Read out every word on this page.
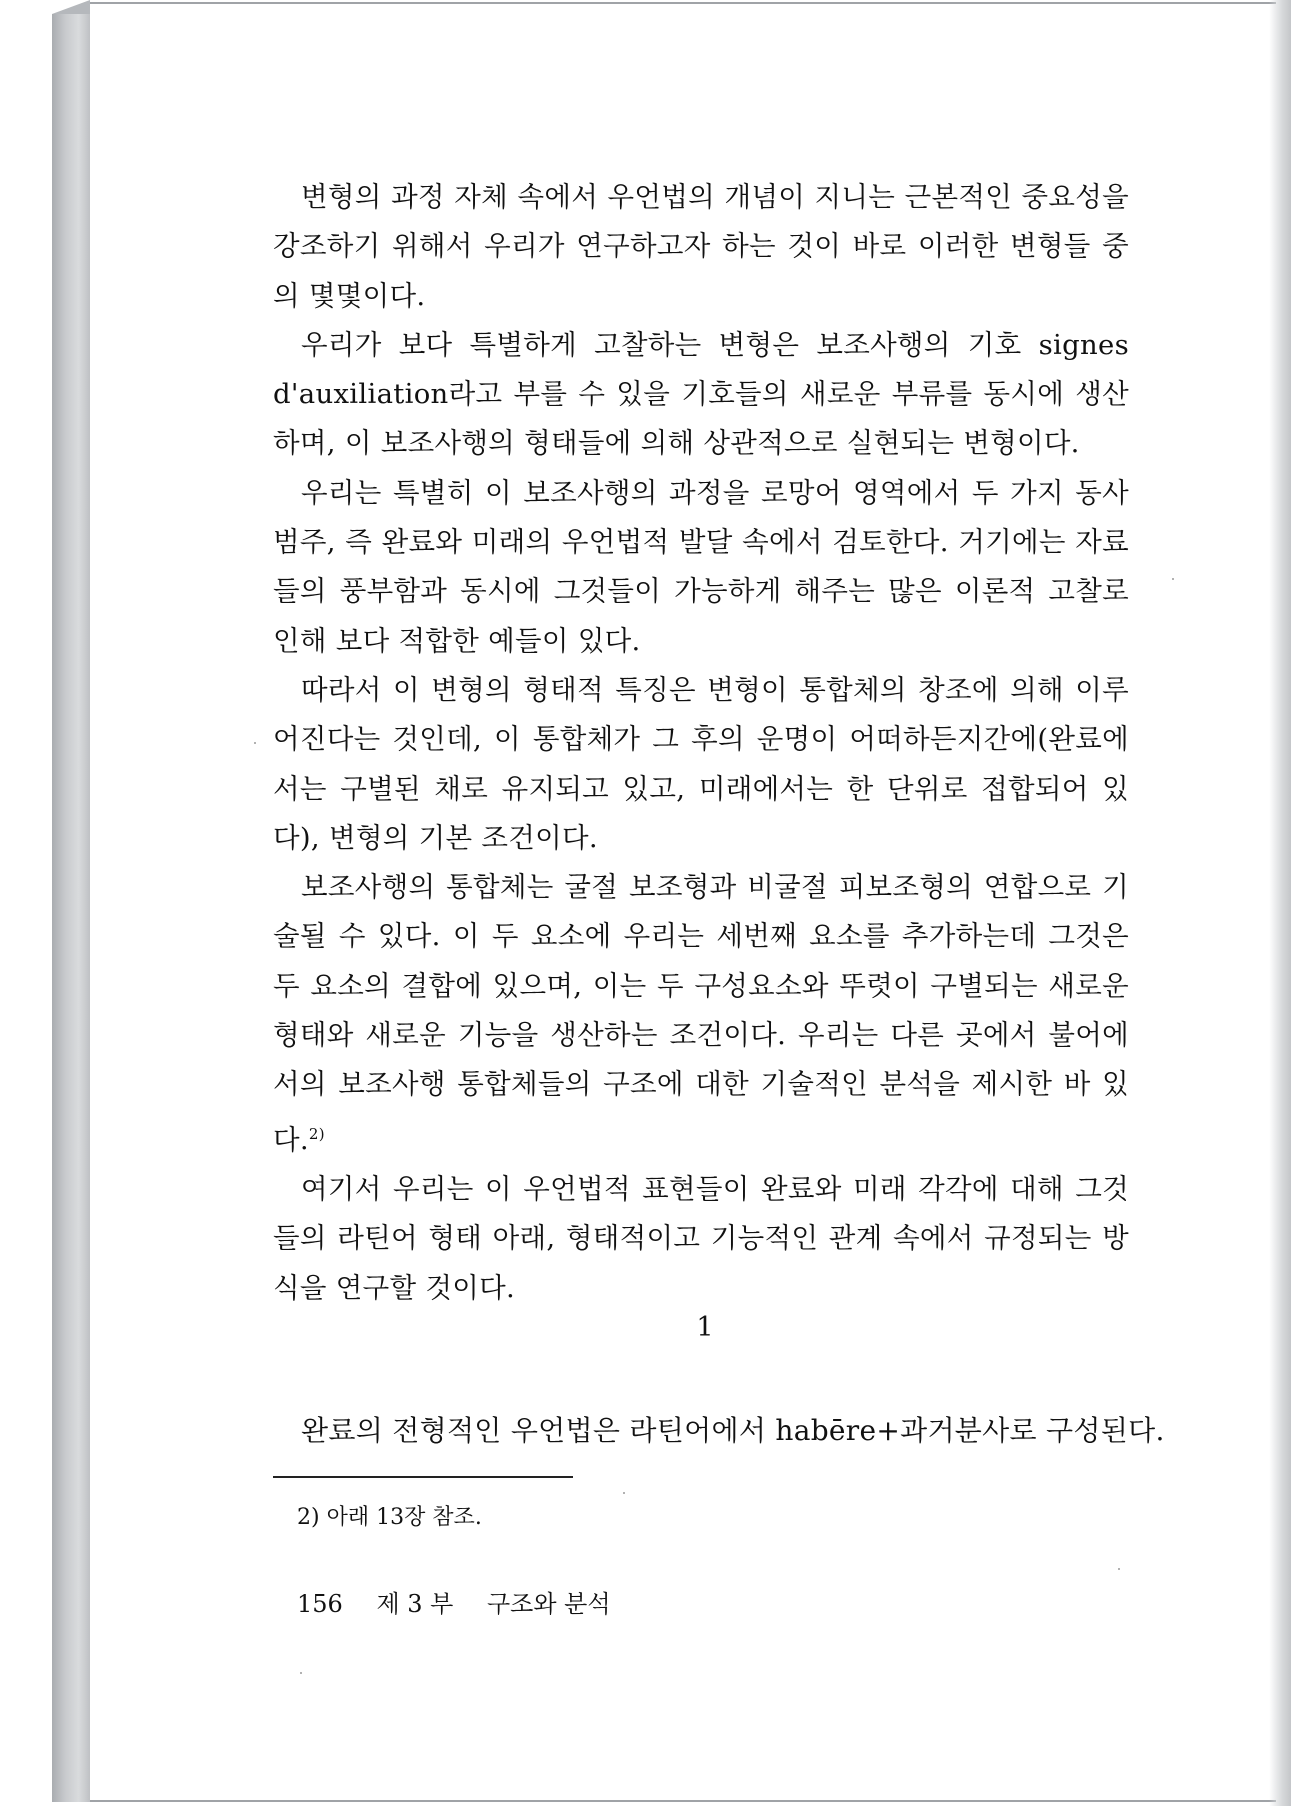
변형의 과정 자체 속에서 우언법의 개념이 지니는 근본적인 중요성을 강조하기 위해서 우리가 연구하고자 하는 것이 바로 이러한 변형들 중의 몇몇이다.

우리가 보다 특별하게 고찰하는 변형은 보조사행의 기호 signes d'auxiliation라고 부를 수 있을 기호들의 새로운 부류를 동시에 생산하며, 이 보조사행의 형태들에 의해 상관적으로 실현되는 변형이다.

우리는 특별히 이 보조사행의 과정을 로망어 영역에서 두 가지 동사범주, 즉 완료와 미래의 우언법적 발달 속에서 검토한다. 거기에는 자료들의 풍부함과 동시에 그것들이 가능하게 해주는 많은 이론적 고찰로 인해 보다 적합한 예들이 있다.

따라서 이 변형의 형태적 특징은 변형이 통합체의 창조에 의해 이루어진다는 것인데, 이 통합체가 그 후의 운명이 어떠하든지간에(완료에서는 구별된 채로 유지되고 있고, 미래에서는 한 단위로 접합되어 있다), 변형의 기본 조건이다.

보조사행의 통합체는 굴절 보조형과 비굴절 피보조형의 연합으로 기술될 수 있다. 이 두 요소에 우리는 세번째 요소를 추가하는데 그것은 두 요소의 결합에 있으며, 이는 두 구성요소와 뚜렷이 구별되는 새로운 형태와 새로운 기능을 생산하는 조건이다. 우리는 다른 곳에서 불어에서의 보조사행 통합체들의 구조에 대한 기술적인 분석을 제시한 바 있다.$^{2)}$

여기서 우리는 이 우언법적 표현들이 완료와 미래 각각에 대해 그것들의 라틴어 형태 아래, 형태적이고 기능적인 관계 속에서 규정되는 방식을 연구할 것이다.

1
완료의 전형적인 우언법은 라틴어에서 habēre+과거분사로 구성된다.
2) 아래 13장 참조.
156 제 3 부 구조와 분석
